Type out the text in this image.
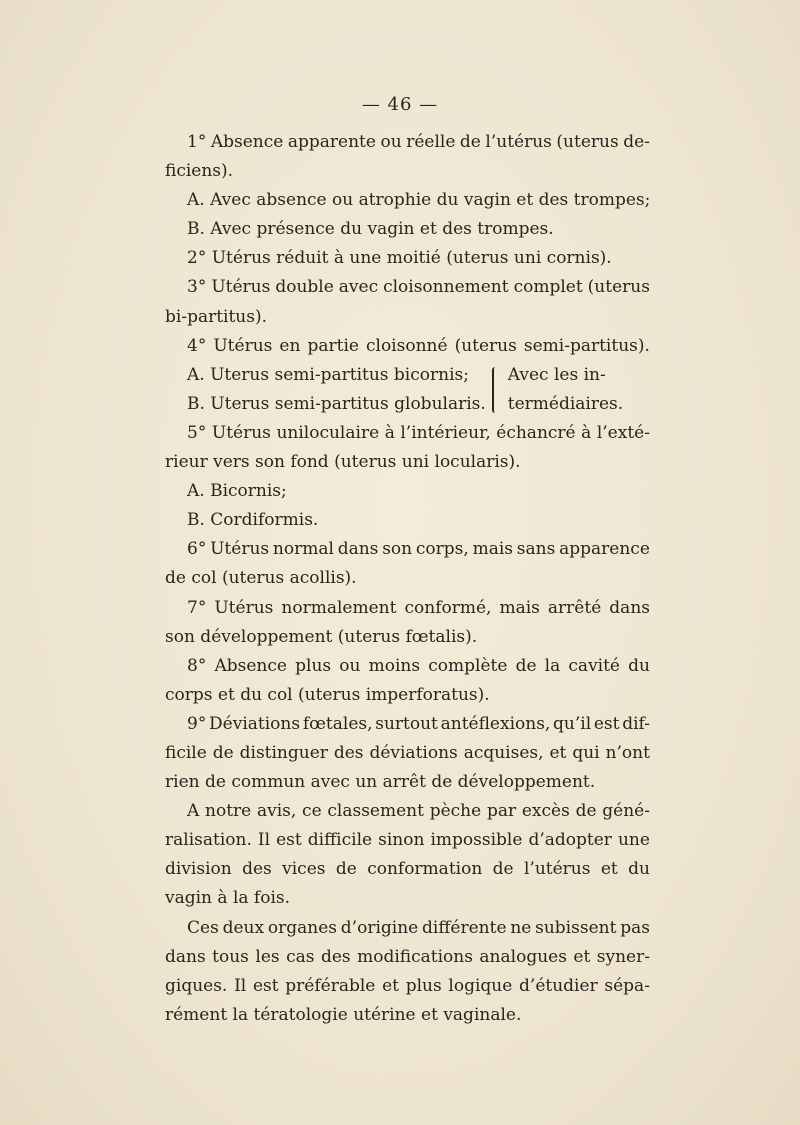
— 46 —
1° Absence apparente ou réelle de l’utérus (uterus de-
ficiens).
A. Avec absence ou atrophie du vagin et des trompes;
B. Avec présence du vagin et des trompes.
2° Utérus réduit à une moitié (uterus uni cornis).
3° Utérus double avec cloisonnement complet (uterus
bi-partitus).
4° Utérus en partie cloisonné (uterus semi-partitus).
A. Uterus semi-partitus bicornis;
B. Uterus semi-partitus globularis.
Avec les in-
termédiaires.
5° Utérus uniloculaire à l’intérieur, échancré à l’exté-
rieur vers son fond (uterus uni locularis).
A. Bicornis;
B. Cordiformis.
6° Utérus normal dans son corps, mais sans apparence
de col (uterus acollis).
7° Utérus normalement conformé, mais arrêté dans
son développement (uterus fœtalis).
8° Absence plus ou moins complète de la cavité du
corps et du col (uterus imperforatus).
9° Déviations fœtales, surtout antéflexions, qu’il est dif-
ficile de distinguer des déviations acquises, et qui n’ont
rien de commun avec un arrêt de développement.
A notre avis, ce classement pèche par excès de géné-
ralisation. Il est difficile sinon impossible d’adopter une
division des vices de conformation de l’utérus et du
vagin à la fois.
Ces deux organes d’origine différente ne subissent pas
dans tous les cas des modifications analogues et syner-
giques. Il est préférable et plus logique d’étudier sépa-
rément la tératologie utérine et vaginale.
